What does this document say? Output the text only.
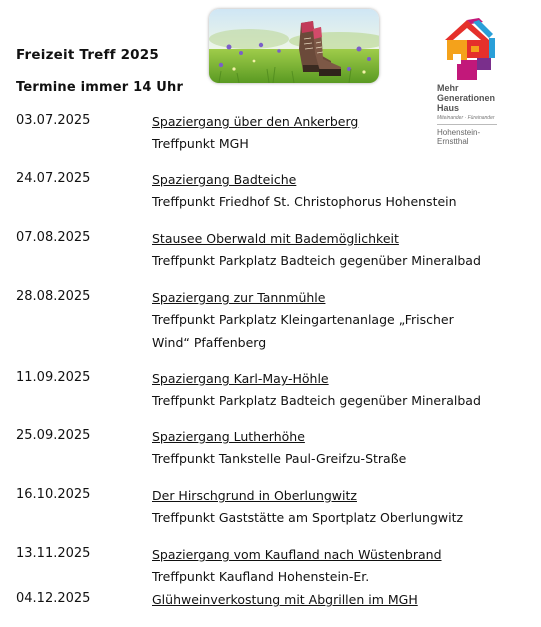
Freizeit Treff 2025
Termine immer 14 Uhr	Mehr
Generationen
Haus
Miteinander · Füreinander
Hohenstein-
Ernstthal
03.07.2025	Spaziergang über den Ankerberg
Treffpunkt MGH
24.07.2025	Spaziergang Badteiche
Treffpunkt Friedhof St. Christophorus Hohenstein
07.08.2025	Stausee Oberwald mit Bademöglichkeit
Treffpunkt Parkplatz Badteich gegenüber Mineralbad
28.08.2025	Spaziergang zur Tannmühle
Treffpunkt Parkplatz Kleingartenanlage „Frischer Wind“ Pfaffenberg
11.09.2025	Spaziergang Karl-May-Höhle
Treffpunkt Parkplatz Badteich gegenüber Mineralbad
25.09.2025	Spaziergang Lutherhöhe
Treffpunkt Tankstelle Paul-Greifzu-Straße
16.10.2025	Der Hirschgrund in Oberlungwitz
Treffpunkt Gaststätte am Sportplatz Oberlungwitz
13.11.2025	Spaziergang vom Kaufland nach Wüstenbrand
Treffpunkt Kaufland Hohenstein-Er.
04.12.2025	Glühweinverkostung mit Abgrillen im MGH
